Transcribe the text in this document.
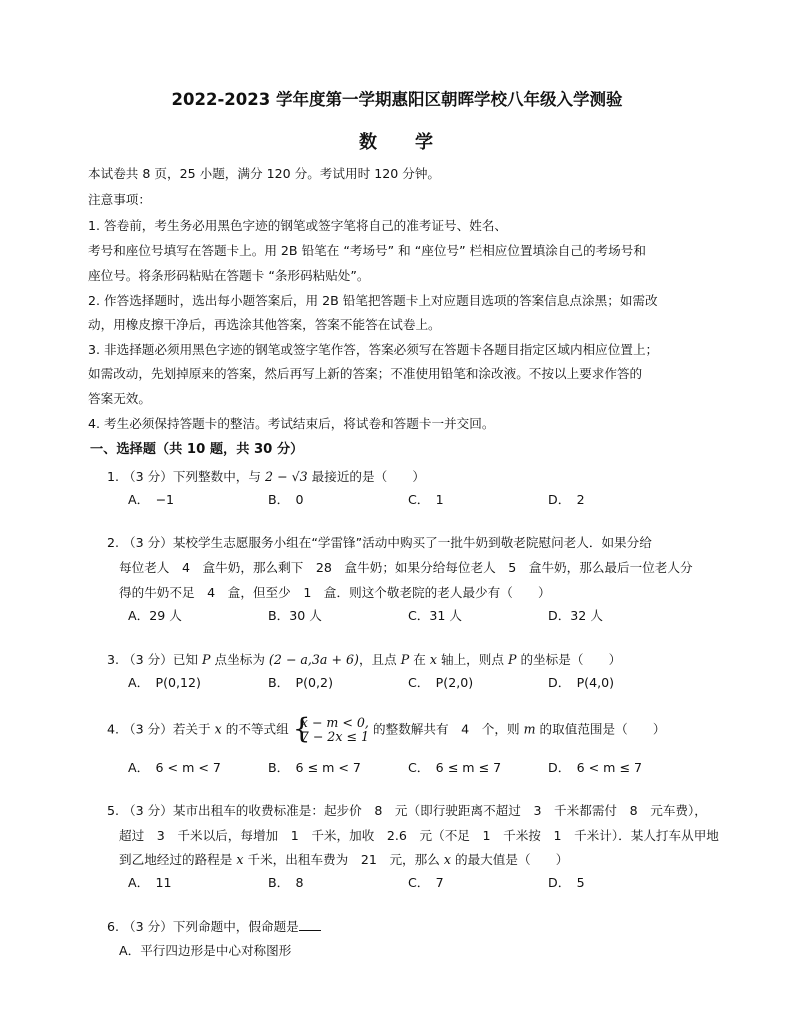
2022-2023 学年度第一学期惠阳区朝晖学校八年级入学测验
数 学
本试卷共 8 页，25 小题，满分 120 分。考试用时 120 分钟。
注意事项：
1. 答卷前，考生务必用黑色字迹的钢笔或签字笔将自己的准考证号、姓名、
考号和座位号填写在答题卡上。用 2B 铅笔在 “考场号” 和 “座位号” 栏相应位置填涂自己的考场号和
座位号。将条形码粘贴在答题卡 “条形码粘贴处”。
2. 作答选择题时，选出每小题答案后，用 2B 铅笔把答题卡上对应题目选项的答案信息点涂黑；如需改
动，用橡皮擦干净后，再选涂其他答案，答案不能答在试卷上。
3. 非选择题必须用黑色字迹的钢笔或签字笔作答，答案必须写在答题卡各题目指定区域内相应位置上；
如需改动，先划掉原来的答案，然后再写上新的答案；不准使用铅笔和涂改液。不按以上要求作答的
答案无效。
4. 考生必须保持答题卡的整洁。考试结束后，将试卷和答题卡一并交回。
一、选择题（共 10 题，共 30 分）
1. （3 分）下列整数中，与 2 − √3 最接近的是（　　）
A．　−1	B．　0	C．　1	D．　2
2. （3 分）某校学生志愿服务小组在“学雷锋”活动中购买了一批牛奶到敬老院慰问老人．如果分给
每位老人　4　盒牛奶，那么剩下　28　盒牛奶；如果分给每位老人　5　盒牛奶，那么最后一位老人分
得的牛奶不足　4　盒，但至少　1　盒．则这个敬老院的老人最少有（　　）
A．29 人	B．30 人	C．31 人	D．32 人
3. （3 分）已知 P 点坐标为 (2 − a,3a + 6)，且点 P 在 x 轴上，则点 P 的坐标是（　　）
A．　P(0,12)	B．　P(0,2)	C．　P(2,0)	D．　P(4,0)
4. （3 分）若关于 x 的不等式组 {
x − m < 0,
7 − 2x ≤ 1 的整数解共有　4　个，则 m 的取值范围是（　　）
A．　6 < m < 7	B．　6 ≤ m < 7	C．　6 ≤ m ≤ 7	D．　6 < m ≤ 7
5. （3 分）某市出租车的收费标准是：起步价　8　元（即行驶距离不超过　3　千米都需付　8　元车费），
超过　3　千米以后，每增加　1　千米，加收　2.6　元（不足　1　千米按　1　千米计）．某人打车从甲地
到乙地经过的路程是 x 千米，出租车费为　21　元，那么 x 的最大值是（　　）
A．　11	B．　8	C．　7	D．　5
6. （3 分）下列命题中，假命题是
A．平行四边形是中心对称图形
